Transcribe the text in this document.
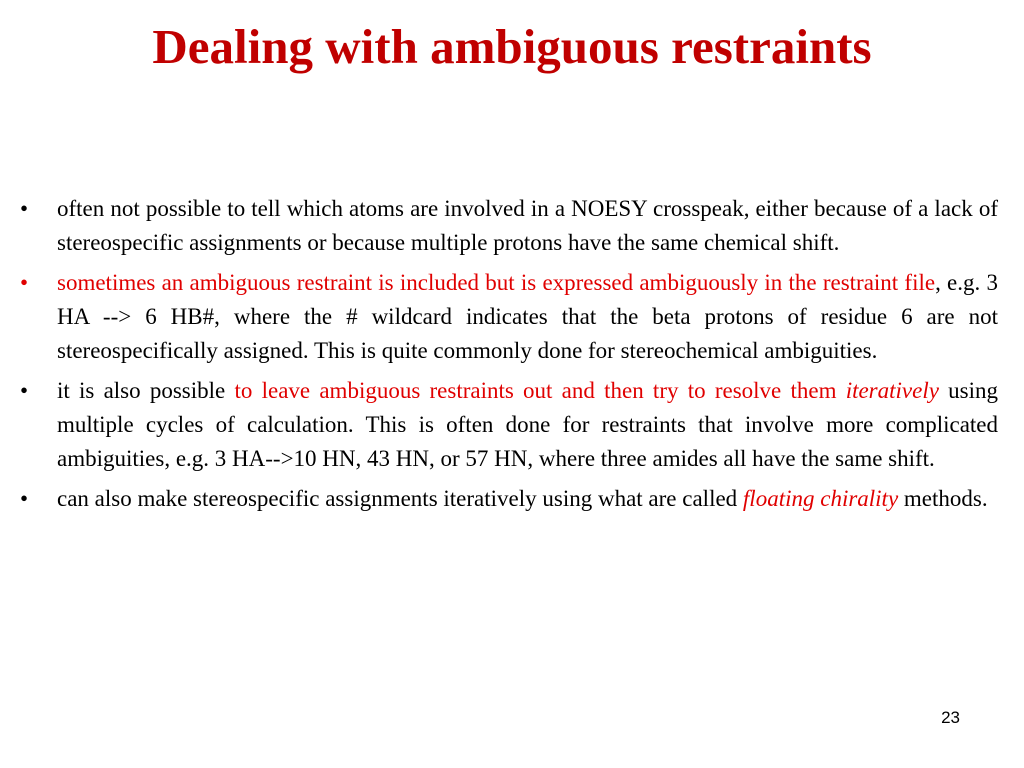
Dealing with ambiguous restraints
•	often not possible to tell which atoms are involved in a NOESY crosspeak, either because of a lack of stereospecific assignments or because multiple protons have the same chemical shift.
•	sometimes an ambiguous restraint is included but is expressed ambiguously in the restraint file, e.g. 3 HA --> 6 HB#, where the # wildcard indicates that the beta protons of residue 6 are not stereospecifically assigned. This is quite commonly done for stereochemical ambiguities.
•	it is also possible to leave ambiguous restraints out and then try to resolve them iteratively using multiple cycles of calculation. This is often done for restraints that involve more complicated ambiguities, e.g. 3 HA-->10 HN, 43 HN, or 57 HN, where three amides all have the same shift.
•	can also make stereospecific assignments iteratively using what are called floating chirality methods.
23
